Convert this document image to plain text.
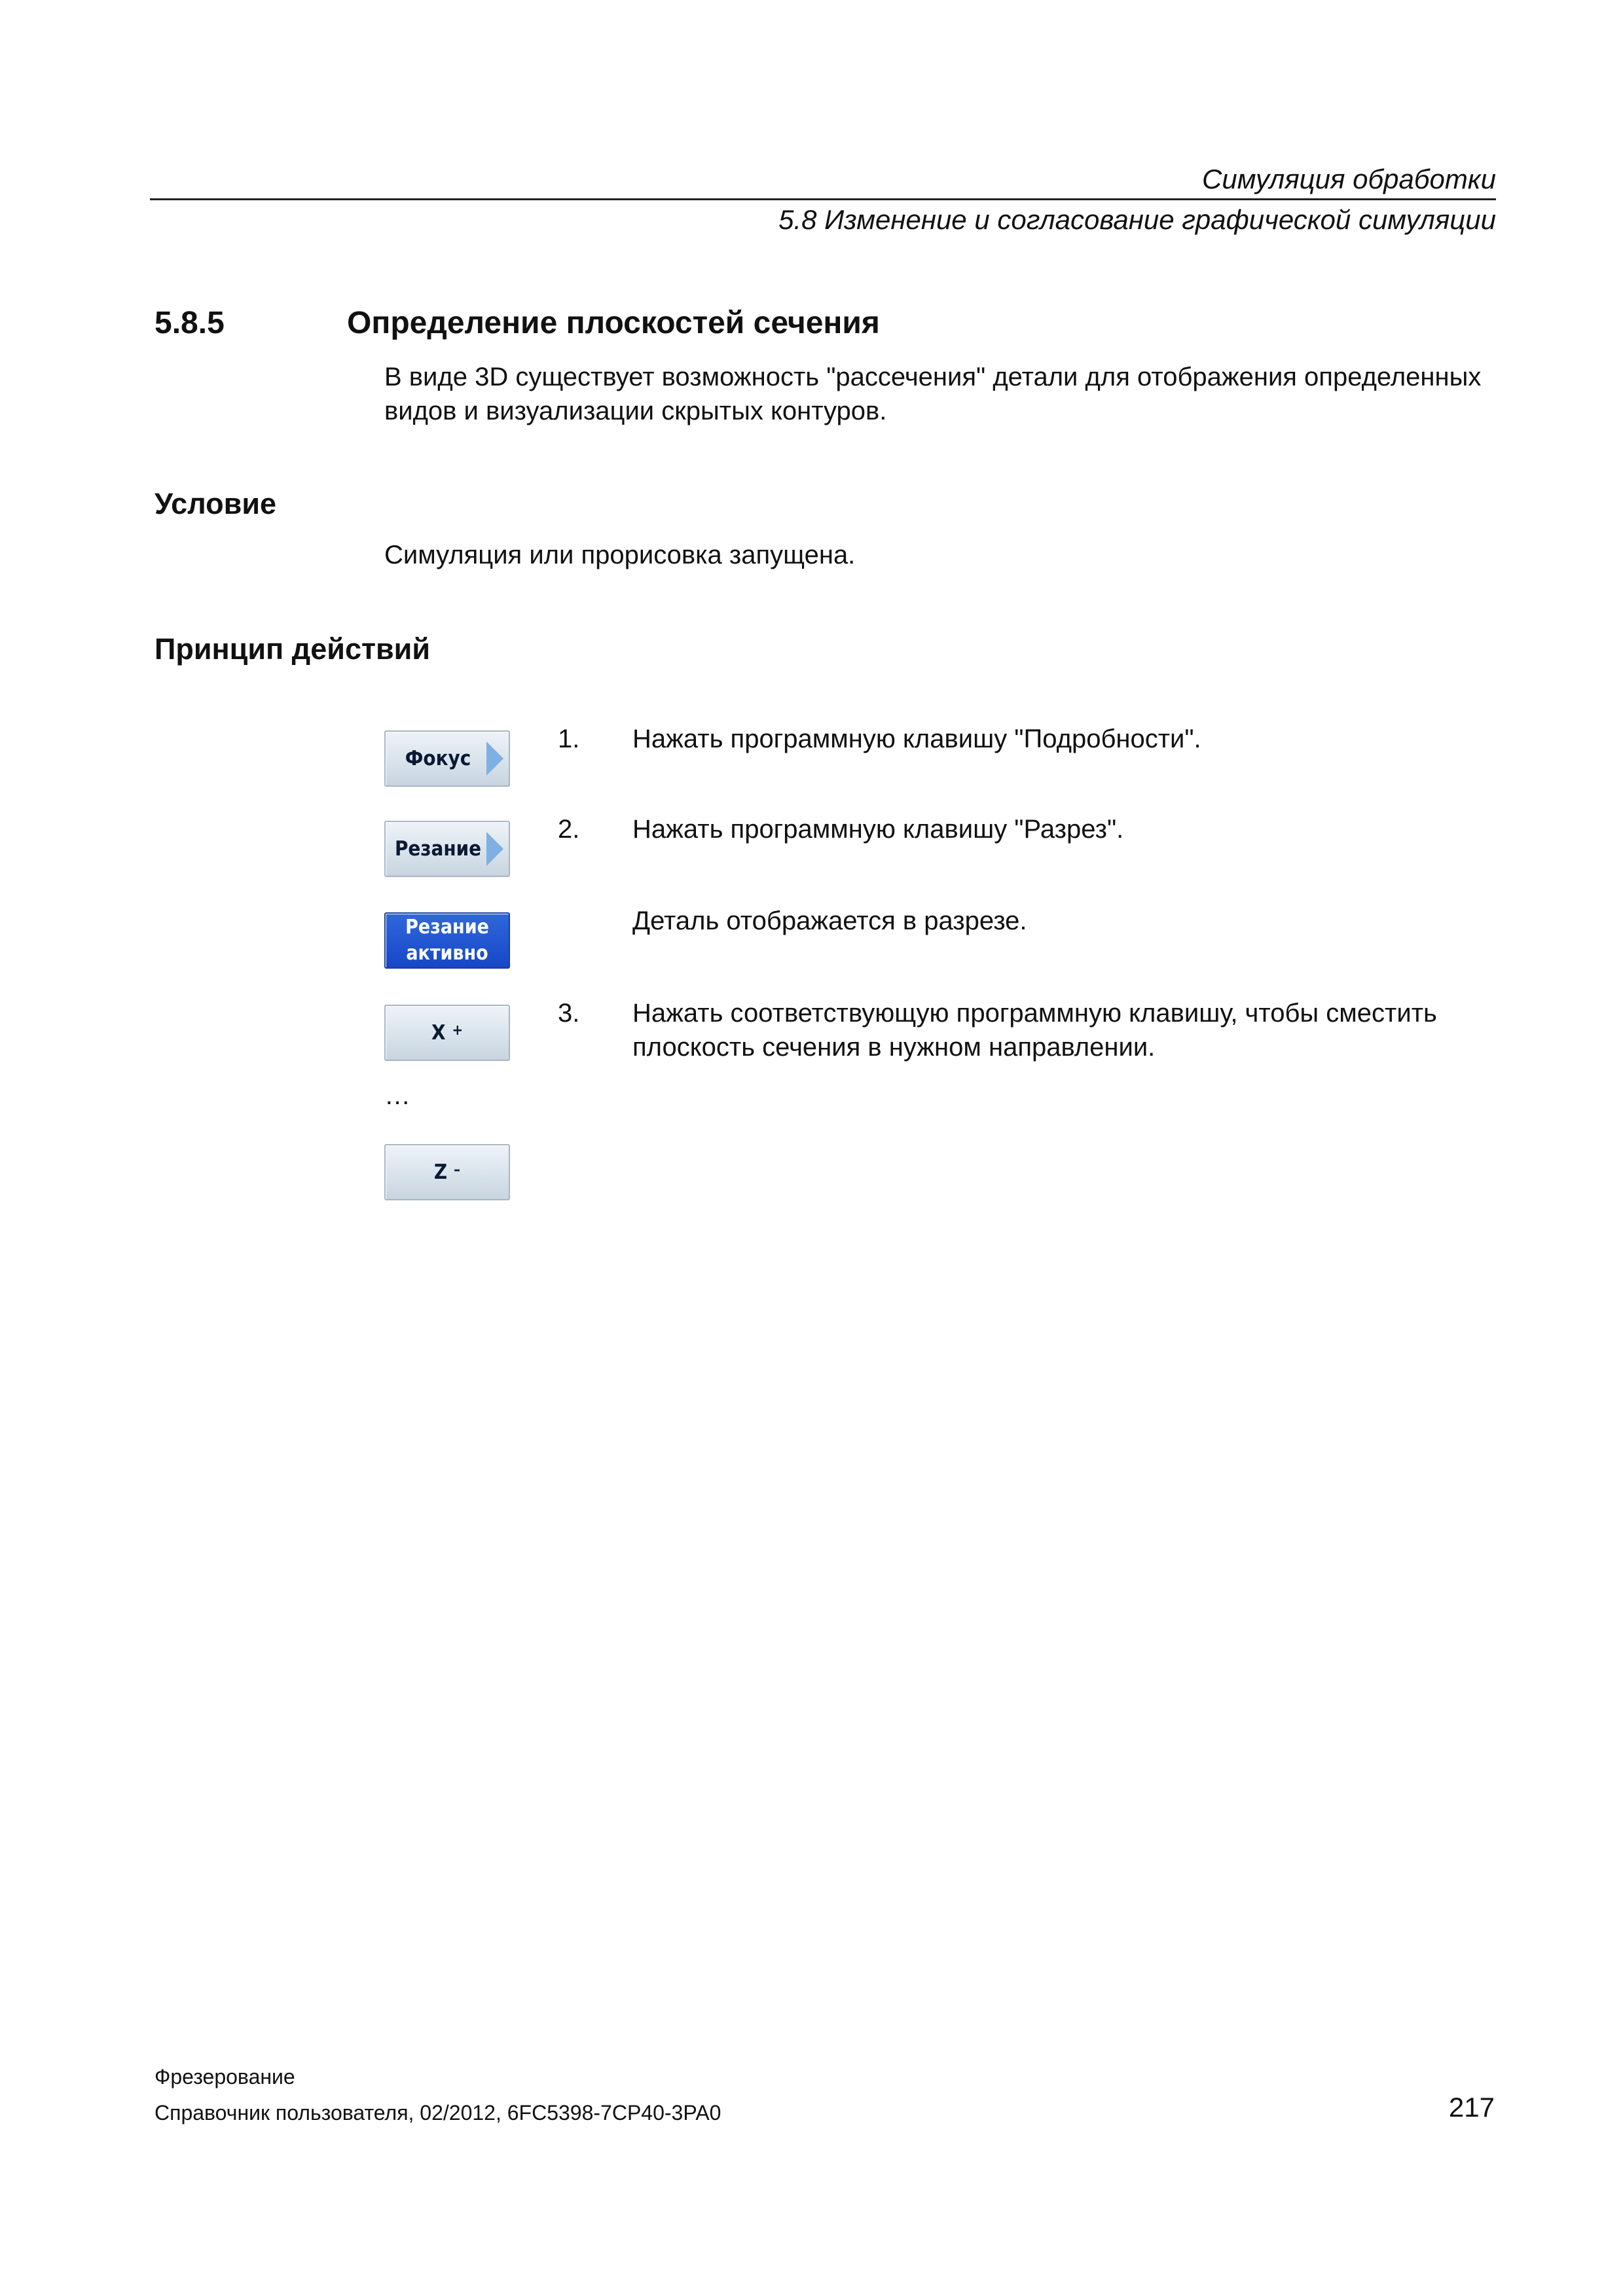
Симуляция обработки
5.8 Изменение и согласование графической симуляции
5.8.5	Определение плоскостей сечения
В виде 3D существует возможность "рассечения" детали для отображения определенных видов и визуализации скрытых контуров.
Условие
Симуляция или прорисовка запущена.
Принцип действий
Фокус
Резание
Резание
активно
X +
…
Z –
1. Нажать программную клавишу "Подробности".
2. Нажать программную клавишу "Разрез".
Деталь отображается в разрезе.
3. Нажать соответствующую программную клавишу, чтобы сместить плоскость сечения в нужном направлении.
Фрезерование
Справочник пользователя, 02/2012, 6FC5398-7CP40-3PA0	217
